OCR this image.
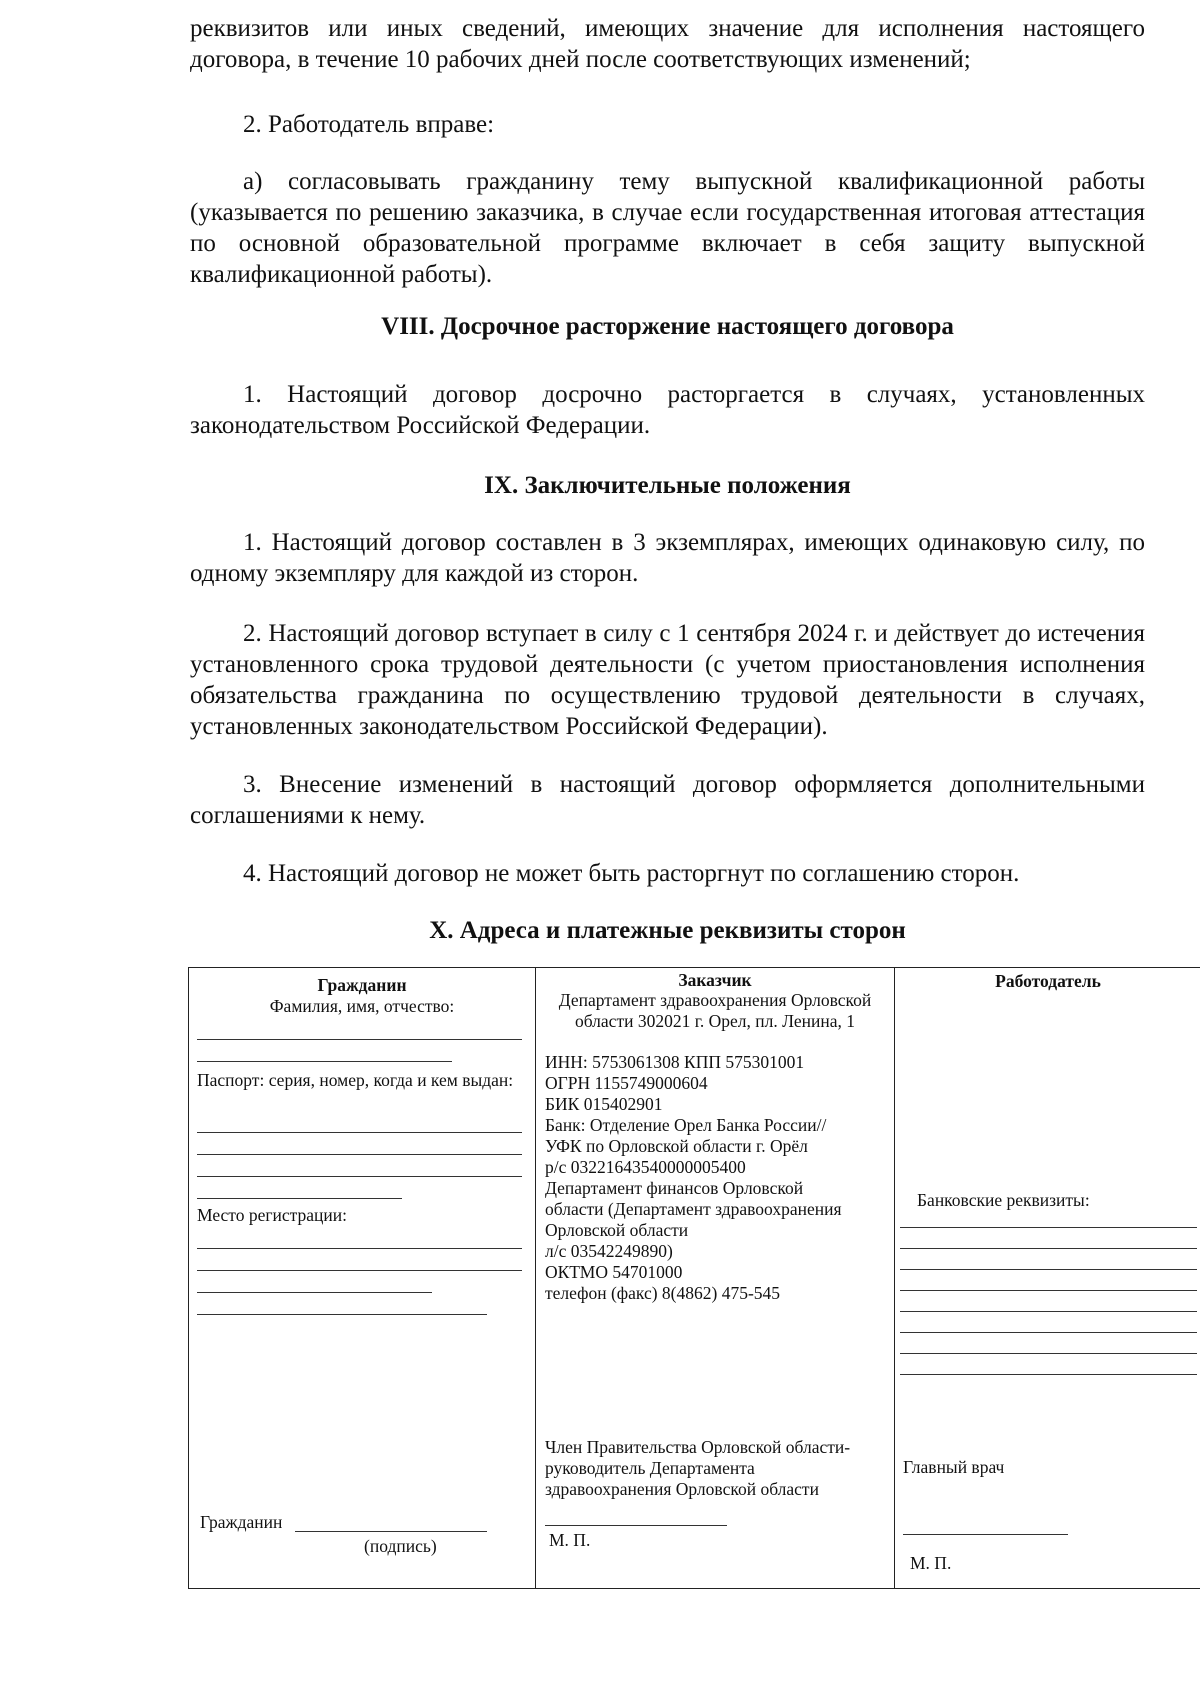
реквизитов или иных сведений, имеющих значение для исполнения настоящего договора, в течение 10 рабочих дней после соответствующих изменений;

2. Работодатель вправе:

а) согласовывать гражданину тему выпускной квалификационной работы (указывается по решению заказчика, в случае если государственная итоговая аттестация по основной образовательной программе включает в себя защиту выпускной квалификационной работы).

VIII. Досрочное расторжение настоящего договора

1. Настоящий договор досрочно расторгается в случаях, установленных законодательством Российской Федерации.

IX. Заключительные положения

1. Настоящий договор составлен в 3 экземплярах, имеющих одинаковую силу, по одному экземпляру для каждой из сторон.

2. Настоящий договор вступает в силу с 1 сентября 2024 г. и действует до истечения установленного срока трудовой деятельности (с учетом приостановления исполнения обязательства гражданина по осуществлению трудовой деятельности в случаях, установленных законодательством Российской Федерации).

3. Внесение изменений в настоящий договор оформляется дополнительными соглашениями к нему.

4. Настоящий договор не может быть расторгнут по соглашению сторон.

X. Адреса и платежные реквизиты сторон
Гражданин
Фамилия, имя, отчество:
Паспорт: серия, номер, когда и кем выдан:
Место регистрации:
Гражданин
(подпись)
Заказчик
Департамент здравоохранения Орловской области 302021 г. Орел, пл. Ленина, 1
ИНН: 5753061308 КПП 575301001
ОГРН 1155749000604
БИК 015402901
Банк: Отделение Орел Банка России//
УФК по Орловской области г. Орёл
р/с 03221643540000005400
Департамент финансов Орловской
области (Департамент здравоохранения
Орловской области
л/с 03542249890)
ОКТМО 54701000
телефон (факс) 8(4862) 475-545
Член Правительства Орловской области-
руководитель Департамента
здравоохранения Орловской области
М. П.
Работодатель
Банковские реквизиты:
Главный врач
М. П.
